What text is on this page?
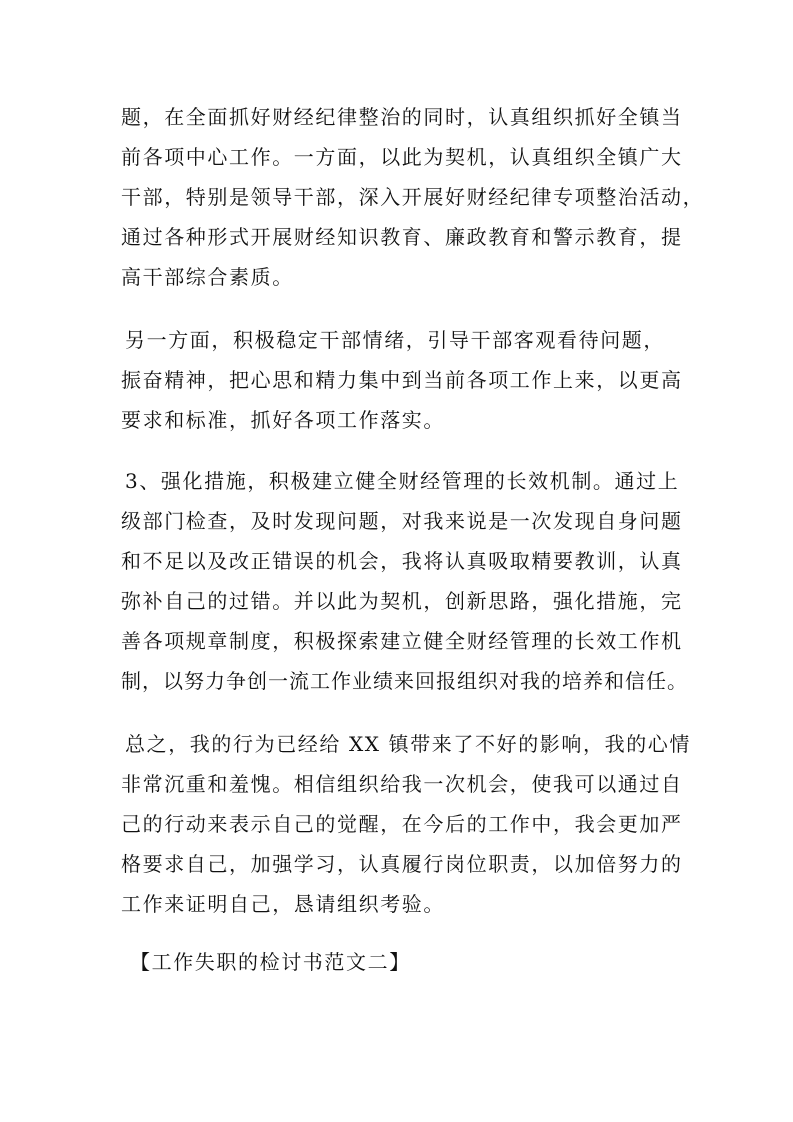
题，在全面抓好财经纪律整治的同时，认真组织抓好全镇当
前各项中心工作。一方面，以此为契机，认真组织全镇广大
干部，特别是领导干部，深入开展好财经纪律专项整治活动，
通过各种形式开展财经知识教育、廉政教育和警示教育，提
高干部综合素质。
另一方面，积极稳定干部情绪，引导干部客观看待问题，
振奋精神，把心思和精力集中到当前各项工作上来，以更高
要求和标准，抓好各项工作落实。
3、强化措施，积极建立健全财经管理的长效机制。通过上
级部门检查，及时发现问题，对我来说是一次发现自身问题
和不足以及改正错误的机会，我将认真吸取精要教训，认真
弥补自己的过错。并以此为契机，创新思路，强化措施，完
善各项规章制度，积极探索建立健全财经管理的长效工作机
制，以努力争创一流工作业绩来回报组织对我的培养和信任。
总之，我的行为已经给 XX 镇带来了不好的影响，我的心情
非常沉重和羞愧。相信组织给我一次机会，使我可以通过自
己的行动来表示自己的觉醒，在今后的工作中，我会更加严
格要求自己，加强学习，认真履行岗位职责，以加倍努力的
工作来证明自己，恳请组织考验。
【工作失职的检讨书范文二】
